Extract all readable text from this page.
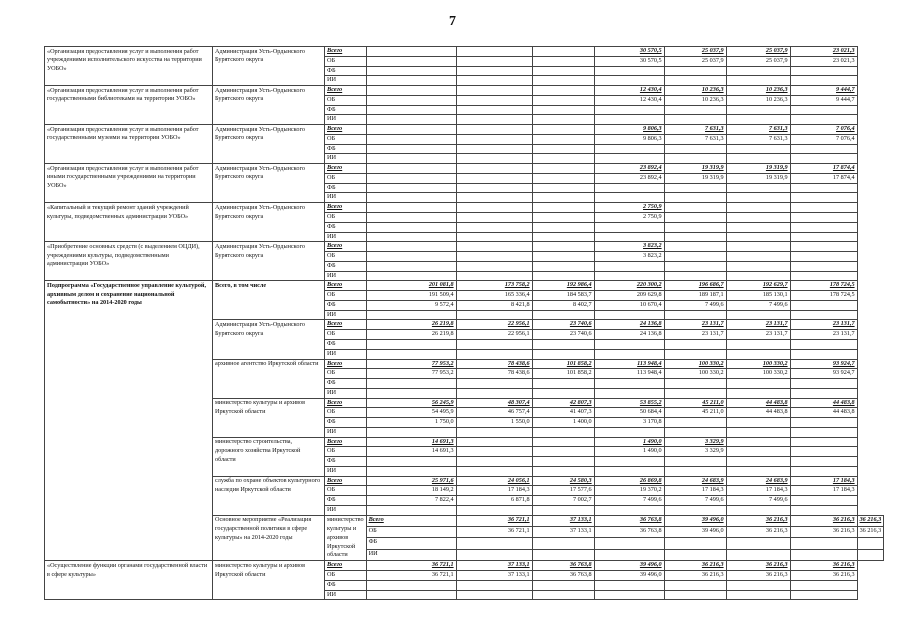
7
«Организация предоставления услуг и выполнения работ учреждениями исполнительского искусства на территории УОБО»	Администрация Усть-Ордынского Бурятского округа	Всего				30 570,5	25 037,9	25 037,9	23 021,3	
		ОБ				30 570,5	25 037,9	25 037,9	23 021,3	
		ФБ								
		ИИ								
«Организация предоставления услуг и выполнения работ государственными библиотеками на территории УОБО»	Администрация Усть-Ордынского Бурятского округа	Всего				12 430,4	10 236,3	10 236,3	9 444,7	
		ОБ				12 430,4	10 236,3	10 236,3	9 444,7	
		ФБ								
		ИИ								
«Организация предоставления услуг и выполнения работ государственными музеями на территории УОБО»	Администрация Усть-Ордынского Бурятского округа	Всего				9 806,3	7 631,3	7 631,3	7 076,4	
		ОБ				9 806,3	7 631,3	7 631,3	7 076,4	
		ФБ								
		ИИ								
«Организация предоставления услуг и выполнения работ иными государственными учреждениями на территории УОБО»	Администрация Усть-Ордынского Бурятского округа	Всего				23 892,4	19 319,9	19 319,9	17 874,4	
		ОБ				23 892,4	19 319,9	19 319,9	17 874,4	
		ФБ								
		ИИ								
«Капитальный и текущий ремонт зданий учреждений культуры, подведомственных администрации УОБО»	Администрация Усть-Ордынского Бурятского округа	Всего				2 750,9				
		ОБ				2 750,9				
		ФБ								
		ИИ								
«Приобретение основных средств (с выделением ОЦДИ), учреждениями культуры, подведомственными администрации УОБО»	Администрация Усть-Ордынского Бурятского округа	Всего				3 823,2				
		ОБ				3 823,2				
		ФБ								
		ИИ								
Подпрограмма «Государственное управление культурой, архивным делом и сохранение национальной самобытности» на 2014-2020 годы	Всего, в том числе	Всего	201 081,8	173 758,2	192 986,4	220 300,2	196 686,7	192 629,7	178 724,5	
		ОБ	191 509,4	165 336,4	184 583,7	209 629,8	189 187,1	185 130,1	178 724,5	
		ФБ	9 572,4	8 421,8	8 402,7	10 670,4	7 499,6	7 499,6		
		ИИ								
	Администрация Усть-Ордынского Бурятского округа	Всего	26 219,8	22 956,1	23 740,6	24 136,8	23 131,7	23 131,7	23 131,7	
		ОБ	26 219,8	22 956,1	23 740,6	24 136,8	23 131,7	23 131,7	23 131,7	
		ФБ								
		ИИ								
	архивное агентство Иркутской области	Всего	77 953,2	78 438,6	101 858,2	113 948,4	100 330,2	100 330,2	93 924,7	
		ОБ	77 953,2	78 438,6	101 858,2	113 948,4	100 330,2	100 330,2	93 924,7	
		ФБ								
		ИИ								
	министерство культуры и архивов Иркутской области	Всего	56 245,9	48 307,4	42 807,3	53 855,2	45 211,0	44 483,8	44 483,8	
		ОБ	54 495,9	46 757,4	41 407,3	50 684,4	45 211,0	44 483,8	44 483,8	
		ФБ	1 750,0	1 550,0	1 400,0	3 170,8				
		ИИ								
	министерство строительства, дорожного хозяйства Иркутской области	Всего	14 691,3			1 490,0	3 329,9			
		ОБ	14 691,3			1 490,0	3 329,9			
		ФБ								
		ИИ								
	служба по охране объектов культурного наследия Иркутской области	Всего	25 971,6	24 056,1	24 580,3	26 869,8	24 683,9	24 683,9	17 184,3	
		ОБ	18 149,2	17 184,3	17 577,6	19 370,2	17 184,3	17 184,3	17 184,3	
		ФБ	7 822,4	6 871,8	7 002,7	7 499,6	7 499,6	7 499,6		
		ИИ								
	Основное мероприятие «Реализация государственной политики в сфере культуры» на 2014-2020 годы	министерство культуры и архивов Иркутской области	Всего	36 721,1	37 133,1	36 763,8	39 496,0	36 216,3	36 216,3	36 216,3
			ОБ	36 721,1	37 133,1	36 763,8	39 496,0	36 216,3	36 216,3	36 216,3
			ФБ							
			ИИ							
«Осуществление функции органами государственной власти в сфере культуры»	министерство культуры и архивов Иркутской области	Всего	36 721,1	37 133,1	36 763,8	39 496,0	36 216,3	36 216,3	36 216,3	
		ОБ	36 721,1	37 133,1	36 763,8	39 496,0	36 216,3	36 216,3	36 216,3	
		ФБ								
		ИИ								
